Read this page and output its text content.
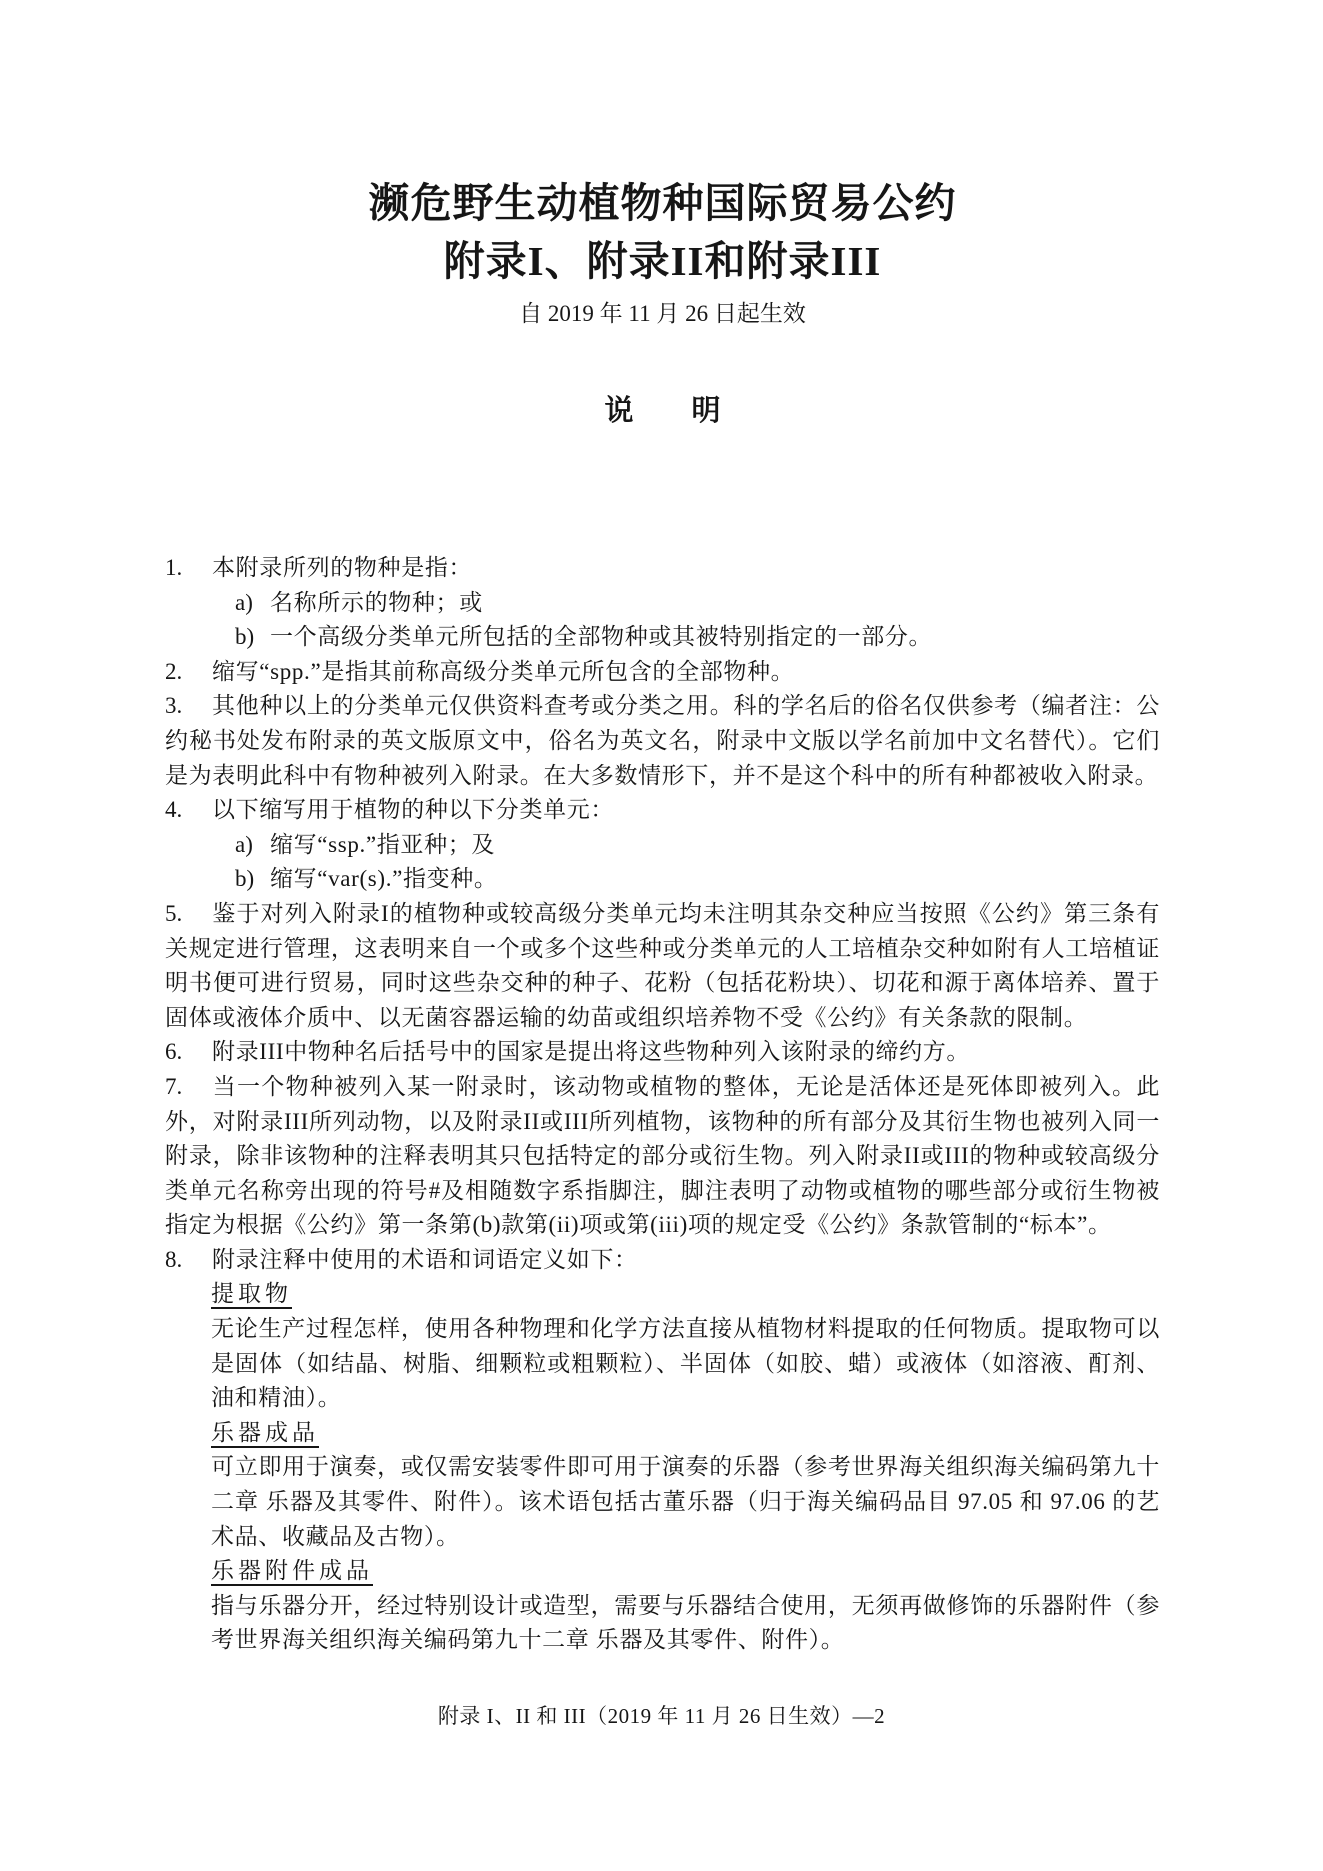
濒危野生动植物种国际贸易公约
附录I、附录II和附录III
自 2019 年 11 月 26 日起生效
说　　明

1. 本附录所列的物种是指：

a) 名称所示的物种；或

b) 一个高级分类单元所包括的全部物种或其被特别指定的一部分。

2. 缩写“spp.”是指其前称高级分类单元所包含的全部物种。

3. 其他种以上的分类单元仅供资料查考或分类之用。科的学名后的俗名仅供参考（编者注：公约秘书处发布附录的英文版原文中，俗名为英文名，附录中文版以学名前加中文名替代）。它们是为表明此科中有物种被列入附录。在大多数情形下，并不是这个科中的所有种都被收入附录。

4. 以下缩写用于植物的种以下分类单元：

a) 缩写“ssp.”指亚种；及

b) 缩写“var(s).”指变种。

5. 鉴于对列入附录I的植物种或较高级分类单元均未注明其杂交种应当按照《公约》第三条有关规定进行管理，这表明来自一个或多个这些种或分类单元的人工培植杂交种如附有人工培植证明书便可进行贸易，同时这些杂交种的种子、花粉（包括花粉块）、切花和源于离体培养、置于固体或液体介质中、以无菌容器运输的幼苗或组织培养物不受《公约》有关条款的限制。

6. 附录III中物种名后括号中的国家是提出将这些物种列入该附录的缔约方。

7. 当一个物种被列入某一附录时，该动物或植物的整体，无论是活体还是死体即被列入。此外，对附录III所列动物，以及附录II或III所列植物，该物种的所有部分及其衍生物也被列入同一附录，除非该物种的注释表明其只包括特定的部分或衍生物。列入附录II或III的物种或较高级分类单元名称旁出现的符号#及相随数字系指脚注，脚注表明了动物或植物的哪些部分或衍生物被指定为根据《公约》第一条第(b)款第(ii)项或第(iii)项的规定受《公约》条款管制的“标本”。

8. 附录注释中使用的术语和词语定义如下：

提取物

无论生产过程怎样，使用各种物理和化学方法直接从植物材料提取的任何物质。提取物可以是固体（如结晶、树脂、细颗粒或粗颗粒）、半固体（如胶、蜡）或液体（如溶液、酊剂、油和精油）。

乐器成品

可立即用于演奏，或仅需安装零件即可用于演奏的乐器（参考世界海关组织海关编码第九十二章 乐器及其零件、附件）。该术语包括古董乐器（归于海关编码品目 97.05 和 97.06 的艺术品、收藏品及古物）。

乐器附件成品

指与乐器分开，经过特别设计或造型，需要与乐器结合使用，无须再做修饰的乐器附件（参考世界海关组织海关编码第九十二章 乐器及其零件、附件）。

附录 I、II 和 III（2019 年 11 月 26 日生效）—2
